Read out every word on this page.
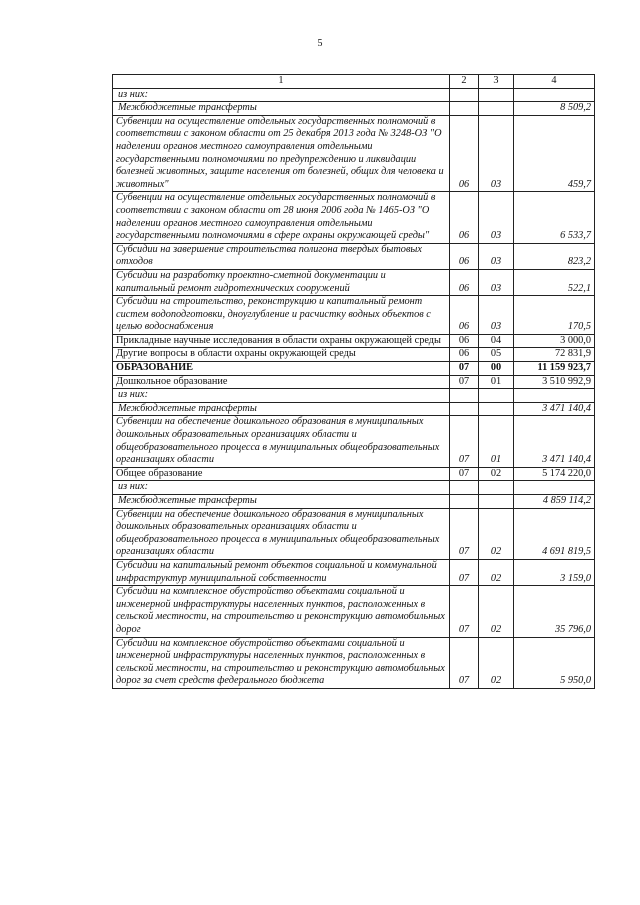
5
1	2	3	4
из них:			
Межбюджетные трансферты			8 509,2
Субвенции на осуществление отдельных государственных полномочий в соответствии с законом области от 25 декабря 2013 года № 3248-ОЗ "О наделении органов местного самоуправления отдельными государственными полномочиями по предупреждению и ликвидации болезней животных, защите населения от болезней, общих для человека и животных"	06	03	459,7
Субвенции на осуществление отдельных государственных полномочий в соответствии с законом области от 28 июня 2006 года № 1465-ОЗ "О наделении органов местного самоуправления отдельными государственными полномочиями в сфере охраны окружающей среды"	06	03	6 533,7
Субсидии на завершение строительства полигона твердых бытовых отходов	06	03	823,2
Субсидии на разработку проектно-сметной документации и капитальный ремонт гидротехнических сооружений	06	03	522,1
Субсидии на строительство, реконструкцию и капитальный ремонт систем водоподготовки, дноуглубление и расчистку водных объектов с целью водоснабжения	06	03	170,5
Прикладные научные исследования в области охраны окружающей среды	06	04	3 000,0
Другие вопросы в области охраны окружающей среды	06	05	72 831,9
ОБРАЗОВАНИЕ	07	00	11 159 923,7
Дошкольное образование	07	01	3 510 992,9
из них:			
Межбюджетные трансферты			3 471 140,4
Субвенции на обеспечение дошкольного образования в муниципальных дошкольных образовательных организациях области и общеобразовательного процесса в муниципальных общеобразовательных организациях области	07	01	3 471 140,4
Общее образование	07	02	5 174 220,0
из них:			
Межбюджетные трансферты			4 859 114,2
Субвенции на обеспечение дошкольного образования в муниципальных дошкольных образовательных организациях области и общеобразовательного процесса в муниципальных общеобразовательных организациях области	07	02	4 691 819,5
Субсидии на капитальный ремонт объектов социальной и коммунальной инфраструктур муниципальной собственности	07	02	3 159,0
Субсидии на комплексное обустройство объектами социальной и инженерной инфраструктуры населенных пунктов, расположенных в сельской местности, на строительство и реконструкцию автомобильных дорог	07	02	35 796,0
Субсидии на комплексное обустройство объектами социальной и инженерной инфраструктуры населенных пунктов, расположенных в сельской местности, на строительство и реконструкцию автомобильных дорог за счет средств федерального бюджета	07	02	5 950,0
